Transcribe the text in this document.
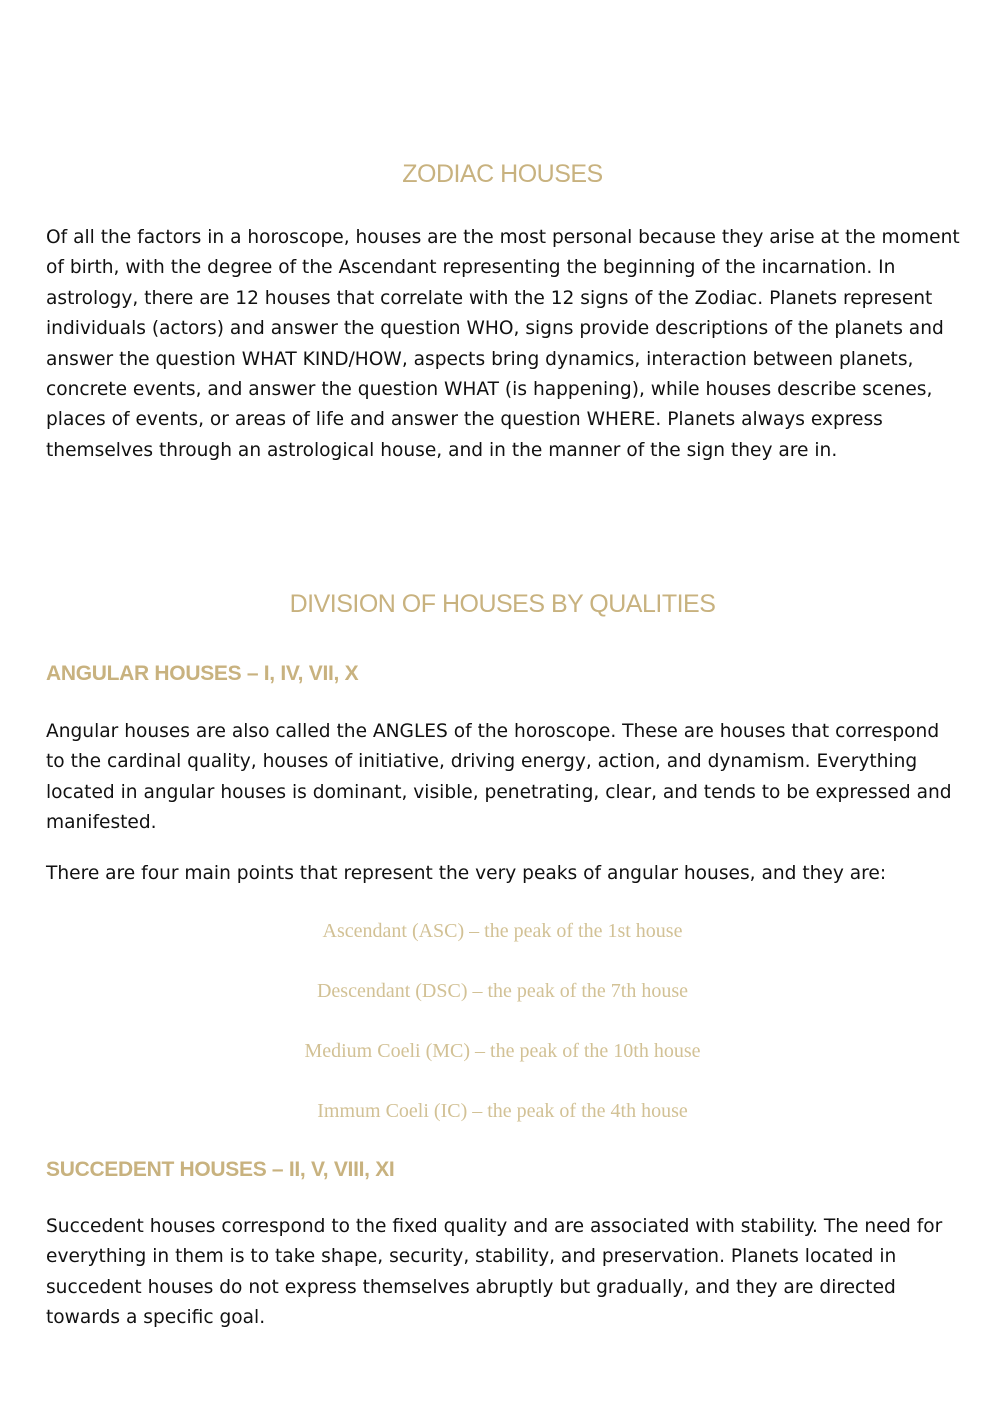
ZODIAC HOUSES

Of all the factors in a horoscope, houses are the most personal because they arise at the moment of birth, with the degree of the Ascendant representing the beginning of the incarnation. In astrology, there are 12 houses that correlate with the 12 signs of the Zodiac. Planets represent individuals (actors) and answer the question WHO, signs provide descriptions of the planets and answer the question WHAT KIND/HOW, aspects bring dynamics, interaction between planets, concrete events, and answer the question WHAT (is happening), while houses describe scenes, places of events, or areas of life and answer the question WHERE. Planets always express themselves through an astrological house, and in the manner of the sign they are in.

DIVISION OF HOUSES BY QUALITIES
ANGULAR HOUSES – I, IV, VII, X

Angular houses are also called the ANGLES of the horoscope. These are houses that correspond to the cardinal quality, houses of initiative, driving energy, action, and dynamism. Everything located in angular houses is dominant, visible, penetrating, clear, and tends to be expressed and manifested.

There are four main points that represent the very peaks of angular houses, and they are:

Ascendant (ASC) – the peak of the 1st house
Descendant (DSC) – the peak of the 7th house
Medium Coeli (MC) – the peak of the 10th house
Immum Coeli (IC) – the peak of the 4th house
SUCCEDENT HOUSES – II, V, VIII, XI

Succedent houses correspond to the fixed quality and are associated with stability. The need for everything in them is to take shape, security, stability, and preservation. Planets located in succedent houses do not express themselves abruptly but gradually, and they are directed towards a specific goal.
